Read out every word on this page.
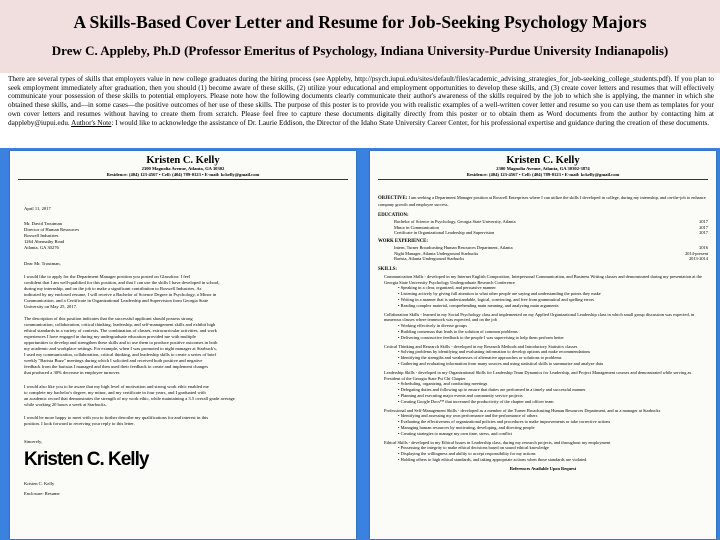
A Skills-Based Cover Letter and Resume for Job-Seeking Psychology Majors
Drew C. Appleby, Ph.D (Professor Emeritus of Psychology, Indiana University-Purdue University Indianapolis)
There are several types of skills that employers value in new college graduates during the hiring process (see Appleby, http://psych.iupui.edu/sites/default/files/academic_advising_strategies_for_job-seeking_college_students.pdf). If you plan to seek employment immediately after graduation, then you should (1) become aware of these skills, (2) utilize your educational and employment opportunities to develop these skills, and (3) create cover letters and resumes that will effectively communicate your possession of these skills to potential employers. Please note how the following documents clearly communicate their author's awareness of the skills required by the job to which she is applying, the manner in which she obtained these skills, and—in some cases—the positive outcomes of her use of these skills. The purpose of this poster is to provide you with realistic examples of a well-written cover letter and resume so you can use them as templates for your own cover letters and resumes without having to create them from scratch. Please feel free to capture these documents digitally directly from this poster or to obtain them as Word documents from the author by contacting him at dappleby@iupui.edu. Author's Note: I would like to acknowledge the assistance of Dr. Laurie Eddison, the Director of the Idaho State University Career Center, for his professional expertise and guidance during the creation of these documents.
Kristen C. Kelly
2300 Magnolia Avenue, Atlanta, GA 30302
Residence: (404) 123-4567 • Cell: (404) 789-0123 • E-mail: kckelly@gmail.com
April 11, 2017
Mr. David Troutman
Director of Human Resources
Roswell Industries
1264 Abernathy Road
Atlanta, GA 30276
Dear Mr. Troutman,
I would like to apply for the Department Manager position you posted on Glassdoor. I feel
confident that I am well-qualified for this position, and that I can use the skills I have developed in school,
during my internship, and on the job to make a significant contribution to Roswell Industries. As
indicated by my enclosed resume, I will receive a Bachelor of Science Degree in Psychology, a Minor in
Communication, and a Certificate in Organizational Leadership and Supervision from Georgia State
University on May 25, 2017.
The description of this position indicates that the successful applicant should possess strong
communication, collaboration, critical thinking, leadership, and self-management skills and exhibit high
ethical standards in a variety of contexts. The combination of classes, extracurricular activities, and work
experiences I have engaged in during my undergraduate education provided me with multiple
opportunities to develop and strengthen these skills and to use them to produce positive outcomes in both
my academic and workplace settings. For example, when I was promoted to night manager at Starbuck's,
I used my communication, collaboration, critical thinking, and leadership skills to create a series of brief
weekly "Barista Buzz" meetings during which I solicited and received both positive and negative
feedback from the baristas I managed and then used their feedback to create and implement changes
that produced a 30% decrease in employee turnover.
I would also like you to be aware that my high level of motivation and strong work ethic enabled me
to complete my bachelor's degree, my minor, and my certificate in four years, and I graduated with
an academic record that demonstrates the strength of my work ethic, while maintaining a 3.5 overall grade average
while working 20 hours a week at Starbucks.
I would be more happy to meet with you to further describe my qualifications for and interest in this
position. I look forward to receiving your reply to this letter.
Sincerely,
Kristen C. Kelly
Kristen C. Kelly
Enclosure: Resume
Kristen C. Kelly
2300 Magnolia Avenue, Atlanta, GA 30302-3874
Residence: (404) 123-4567 • Cell: (404) 789-0123 • E-mail: kckelly@gmail.com
OBJECTIVE: I am seeking a Department Manager position at Roswell Enterprises where I can utilize the skills I developed in college, during my internship, and on-the-job to enhance company growth and employee success.
EDUCATION:
Bachelor of Science in Psychology, Georgia State University, Atlanta	2017
Minor in Communication	2017
Certificate in Organizational Leadership and Supervision	2017
WORK EXPERIENCE:
Intern, Turner Broadcasting Human Resources Department, Atlanta	2016
Night Manager, Atlanta Underground Starbucks	2014-present
Barista, Atlanta Underground Starbucks	2013-2014
SKILLS:
Communication Skills - developed in my Internet English Composition, Interpersonal Communication, and Business Writing classes and demonstrated during my presentation at the Georgia State University Psychology Undergraduate Research Conference
• Speaking in a clear, organized, and persuasive manner
• Listening actively by giving full attention to what other people are saying and understanding the points they make
• Writing in a manner that is understandable, logical, convincing, and free from grammatical and spelling errors
• Reading complex material, comprehending main meaning, and analyzing main arguments
Collaboration Skills - learned in my Social Psychology class and implemented on my Applied Organizational Leadership class in which small group discussion was expected, in numerous classes where teamwork was expected, and on the job
• Working effectively in diverse groups
• Building consensus that leads to the solution of common problems
• Delivering constructive feedback to the people I was supervising to help them perform better
Critical Thinking and Research Skills - developed in my Research Methods and Introductory Statistics classes
• Solving problems by identifying and evaluating information to develop options and make recommendations
• Identifying the strengths and weaknesses of alternative approaches or solutions to problems
• Gathering and evaluating information from many sources and using statistical skills to summarize and analyze data
Leadership Skills - developed in my Organizational Skills for Leadership Team Dynamics for Leadership, and Project Management courses and demonstrated while serving as President of the Georgia State Psi Chi Chapter
• Scheduling, organizing, and conducting meetings
• Delegating duties and following up to ensure that duties are performed in a timely and successful manner
• Planning and executing major events and community service projects
• Creating Google Docs™ that increased the productivity of the chapter and officer team
Professional and Self-Management Skills - developed as a member of the Turner Broadcasting Human Resources Department, and as a manager at Starbucks
• Identifying and assessing my own performance and the performance of others
• Evaluating the effectiveness of organizational policies and procedures to make improvements or take corrective actions
• Managing human resources by motivating, developing, and directing people
• Creating strategies to manage my own time, stress, and conflict
Ethical Skills - developed in my Ethical Issues in Leadership class, during my research projects, and throughout my employment
• Possessing the integrity to make ethical decisions based on sound ethical knowledge
• Displaying the willingness and ability to accept responsibility for my actions
• Holding others to high ethical standards, and taking appropriate actions when those standards are violated
References Available Upon Request
